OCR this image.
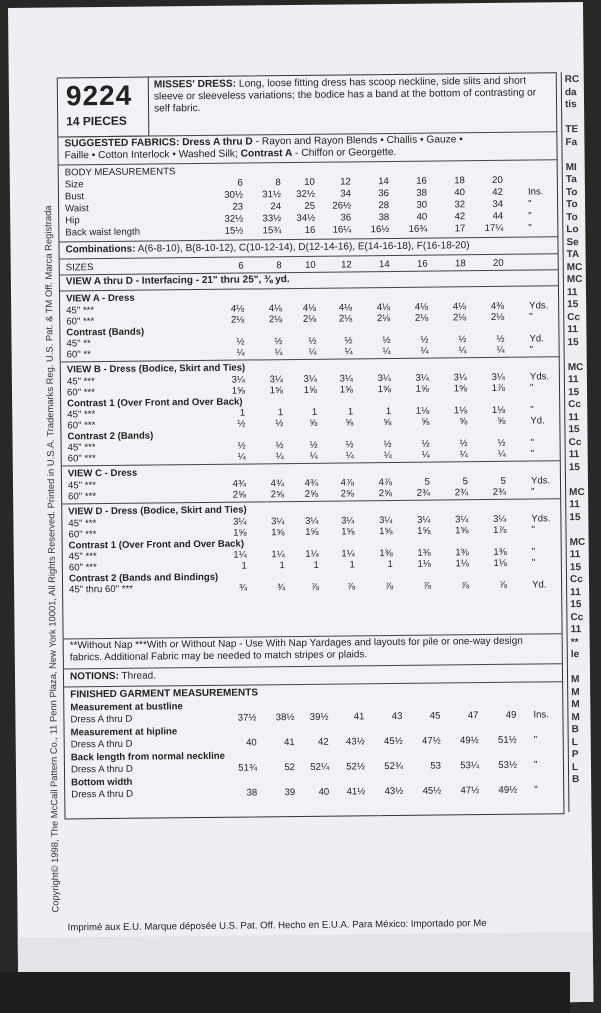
Copyright© 1998, The McCall Pattern Co., 11 Penn Plaza, New York 10001, All Rights Reserved. Printed in U.S.A. Trademarks Reg. U.S. Pat. & TM Off. Marca Registrada
9224
14 PIECES
MISSES' DRESS: Long, loose fitting dress has scoop neckline, side slits and short sleeve or sleeveless variations; the bodice has a band at the bottom of contrasting or self fabric.
SUGGESTED FABRICS: Dress A thru D - Rayon and Rayon Blends • Challis • Gauze •
Faille • Cotton Interlock • Washed Silk; Contrast A - Chiffon or Georgette.
Combinations: A(6-8-10), B(8-10-12), C(10-12-14), D(12-14-16), E(14-16-18), F(16-18-20)
VIEW A thru D - Interfacing - 21" thru 25", ⅜ yd.
**Without Nap ***With or Without Nap - Use With Nap Yardages and layouts for pile or one-way design fabrics. Additional Fabric may be needed to match stripes or plaids.
NOTIONS: Thread.
FINISHED GARMENT MEASUREMENTS
BODY MEASUREMENTS
Size	6	8	10	12	14	16	18	20
Bust	30½	31½	32½	34	36	38	40	42	Ins.
Waist	23	24	25	26½	28	30	32	34	"
Hip	32½	33½	34½	36	38	40	42	44	"
Back waist length	15½	15¾	16	16¼	16½	16¾	17	17¼	"
SIZES	6	8	10	12	14	16	18	20
VIEW A - Dress
45" ***	4⅛	4⅛	4⅛	4⅛	4⅛	4⅛	4⅛	4⅜	Yds.
60" ***	2⅛	2⅛	2⅛	2⅛	2⅛	2⅛	2⅛	2⅛	"
Contrast (Bands)
45" **	½	½	½	½	½	½	½	½	Yd.
60" **	¼	¼	¼	¼	¼	¼	¼	¼	"
VIEW B - Dress (Bodice, Skirt and Ties)
45" ***	3¼	3¼	3¼	3¼	3¼	3¼	3¼	3¼	Yds.
60" ***	1⅝	1⅝	1⅝	1⅝	1⅝	1⅝	1⅝	1⅞	"
Contrast 1 (Over Front and Over Back)
45" ***	1	1	1	1	1	1⅛	1⅛	1⅛	"
60" ***	½	½	⅝	⅝	⅝	⅝	⅝	⅝	Yd.
Contrast 2 (Bands)
45" ***	½	½	½	½	½	½	½	½	"
60" ***	¼	¼	¼	¼	¼	¼	¼	¼	"
VIEW C - Dress
45" ***	4¾	4¾	4¾	4⅞	4⅞	5	5	5	Yds.
60" ***	2⅝	2⅝	2⅝	2⅝	2⅝	2¾	2¾	2¾	"
VIEW D - Dress (Bodice, Skirt and Ties)
45" ***	3¼	3¼	3¼	3¼	3¼	3¼	3¼	3¼	Yds.
60" ***	1⅝	1⅝	1⅝	1⅝	1⅝	1⅝	1⅝	1⅞	"
Contrast 1 (Over Front and Over Back)
45" ***	1¼	1¼	1¼	1¼	1⅜	1⅜	1⅜	1⅜	"
60" ***	1	1	1	1	1	1⅛	1⅛	1⅛	"
Contrast 2 (Bands and Bindings)
45" thru 60" ***	¾	¾	⅞	⅞	⅞	⅞	⅞	⅞	Yd.
Measurement at bustline
Dress A thru D	37½	38½	39½	41	43	45	47	49 Ins.
Measurement at hipline
Dress A thru D	40	41	42	43½	45½	47½	49½	51½ "
Back length from normal neckline
Dress A thru D	51¾	52	52¼	52½	52¾	53	53¼	53½ "
Bottom width
Dress A thru D	38	39	40	41½	43½	45½	47½	49½ "
RC
da
tis
TE
Fa
MI
Ta
To
To
To
Lo
Se
TA
MC
MC
11
15
Cc
11
15
MC
11
15
Cc
11
15
Cc
11
15
MC
11
15
MC
11
15
Cc
11
15
Cc
11
**
le
M
M
M
M
B
L
P
L
B
Imprimé aux E.U. Marque déposée U.S. Pat. Off. Hecho en E.U.A. Para México: Importado por Me
